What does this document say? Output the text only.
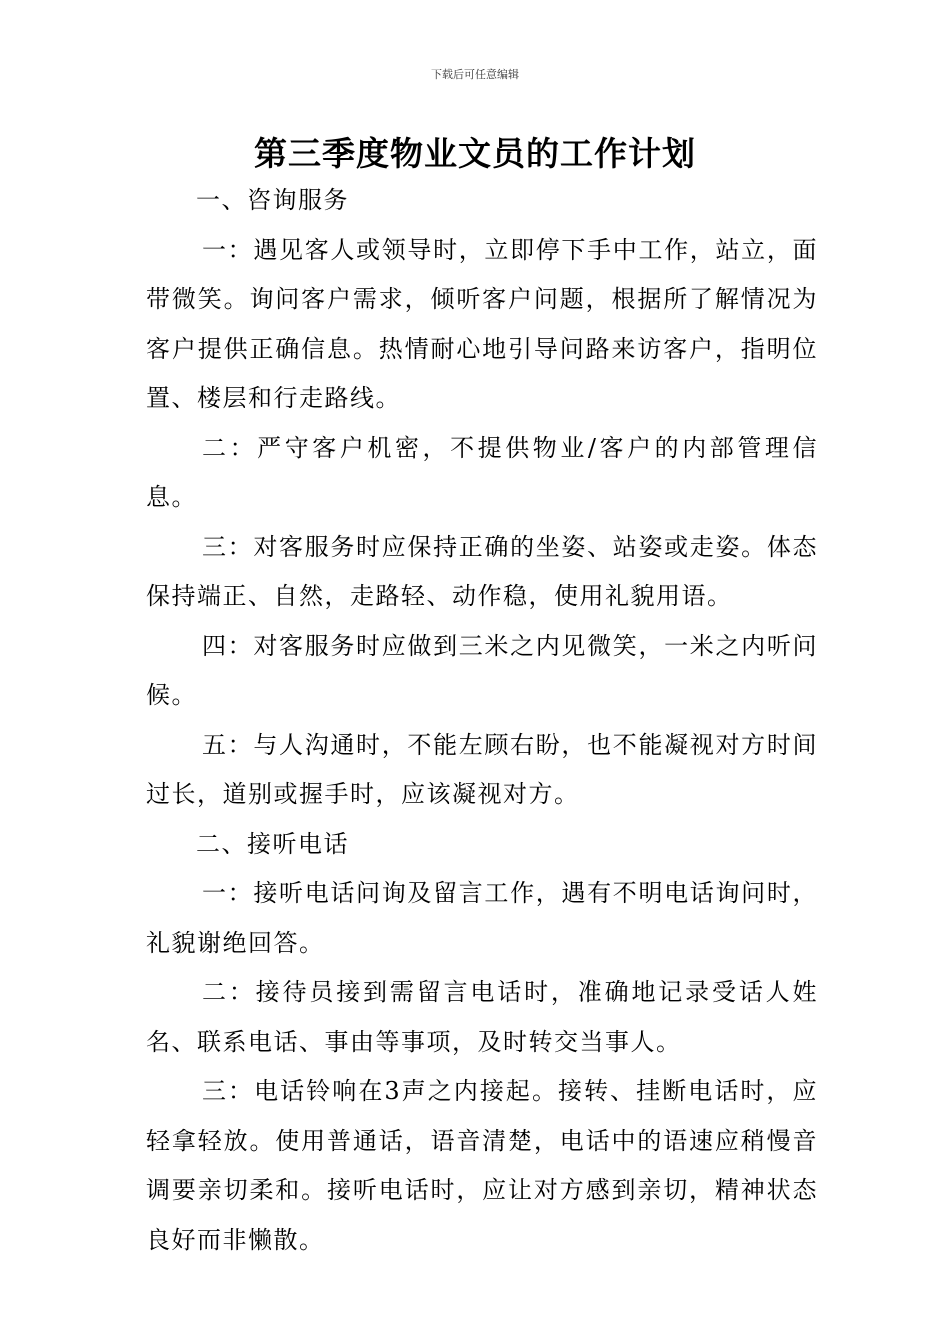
下载后可任意编辑
第三季度物业文员的工作计划

一、咨询服务

一：遇见客人或领导时，立即停下手中工作，站立，面带微笑。询问客户需求，倾听客户问题，根据所了解情况为客户提供正确信息。热情耐心地引导问路来访客户，指明位置、楼层和行走路线。

二：严守客户机密，不提供物业/客户的内部管理信息。

三：对客服务时应保持正确的坐姿、站姿或走姿。体态保持端正、自然，走路轻、动作稳，使用礼貌用语。

四：对客服务时应做到三米之内见微笑，一米之内听问候。

五：与人沟通时，不能左顾右盼，也不能凝视对方时间过长，道别或握手时，应该凝视对方。

二、接听电话

一：接听电话问询及留言工作，遇有不明电话询问时，礼貌谢绝回答。

二：接待员接到需留言电话时，准确地记录受话人姓名、联系电话、事由等事项，及时转交当事人。

三：电话铃响在3声之内接起。接转、挂断电话时，应轻拿轻放。使用普通话，语音清楚，电话中的语速应稍慢音调要亲切柔和。接听电话时，应让对方感到亲切，精神状态良好而非懒散。
